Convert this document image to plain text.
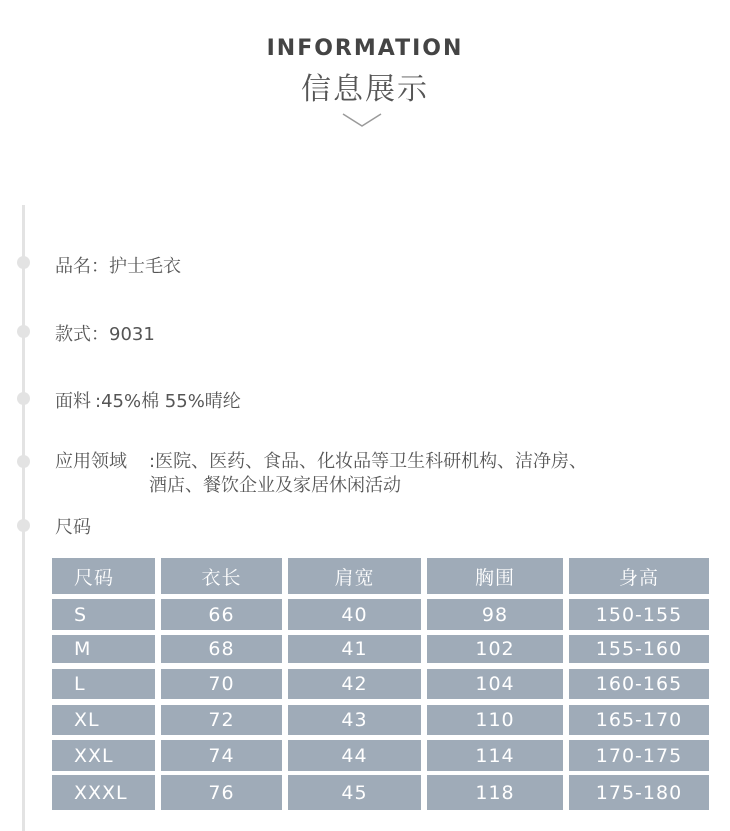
INFORMATION
信息展示
品名：护士毛衣
款式：9031
面料 :45%棉 55%晴纶
应用领域	:医院、医药、食品、化妆品等卫生科研机构、洁净房、
酒店、餐饮企业及家居休闲活动
尺码
尺码	衣长	肩宽	胸围	身高
S	66	40	98	150-155
M	68	41	102	155-160
L	70	42	104	160-165
XL	72	43	110	165-170
XXL	74	44	114	170-175
XXXL	76	45	118	175-180
